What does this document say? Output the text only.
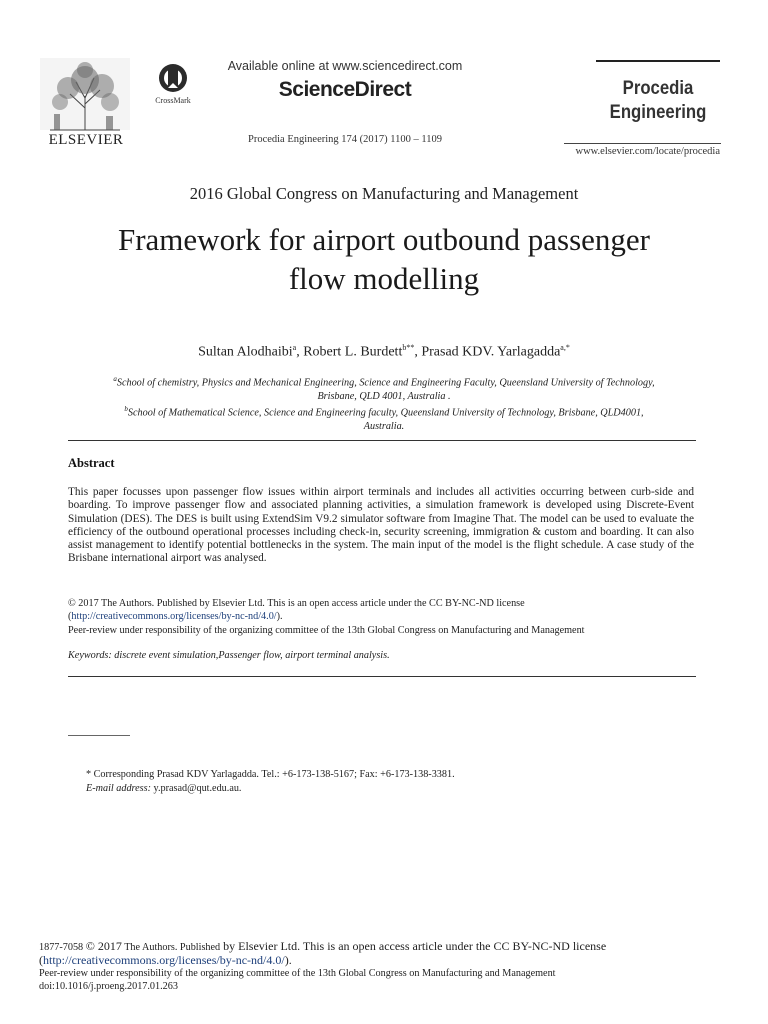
ELSEVIER
CrossMark
Available online at www.sciencedirect.com
ScienceDirect
Procedia Engineering 174 (2017) 1100 – 1109
Procedia
Engineering
www.elsevier.com/locate/procedia
2016 Global Congress on Manufacturing and Management
Framework for airport outbound passenger
flow modelling
Sultan Alodhaibi$^a$, Robert L. Burdett$^{b**}$, Prasad KDV. Yarlagadda$^{a,*}$
$^a$School of chemistry, Physics and Mechanical Engineering, Science and Engineering Faculty, Queensland University of Technology,
Brisbane, QLD 4001, Australia .
$^b$School of Mathematical Science, Science and Engineering faculty, Queensland University of Technology, Brisbane, QLD4001,
Australia.
Abstract
This paper focusses upon passenger flow issues within airport terminals and includes all activities occurring between curb-side and boarding. To improve passenger flow and associated planning activities, a simulation framework is developed using Discrete-Event Simulation (DES). The DES is built using ExtendSim V9.2 simulator software from Imagine That. The model can be used to evaluate the efficiency of the outbound operational processes including check-in, security screening, immigration & custom and boarding. It can also assist management to identify potential bottlenecks in the system. The main input of the model is the flight schedule. A case study of the Brisbane international airport was analysed.
© 2017 The Authors. Published by Elsevier Ltd. This is an open access article under the CC BY-NC-ND license
(http://creativecommons.org/licenses/by-nc-nd/4.0/).
Peer-review under responsibility of the organizing committee of the 13th Global Congress on Manufacturing and Management
Keywords: discrete event simulation,Passenger flow, airport terminal analysis.
* Corresponding Prasad KDV Yarlagadda. Tel.: +6-173-138-5167; Fax: +6-173-138-3381.
E-mail address: y.prasad@qut.edu.au.
1877-7058 © 2017 The Authors. Published by Elsevier Ltd. This is an open access article under the CC BY-NC-ND license
(http://creativecommons.org/licenses/by-nc-nd/4.0/).
Peer-review under responsibility of the organizing committee of the 13th Global Congress on Manufacturing and Management
doi:10.1016/j.proeng.2017.01.263
